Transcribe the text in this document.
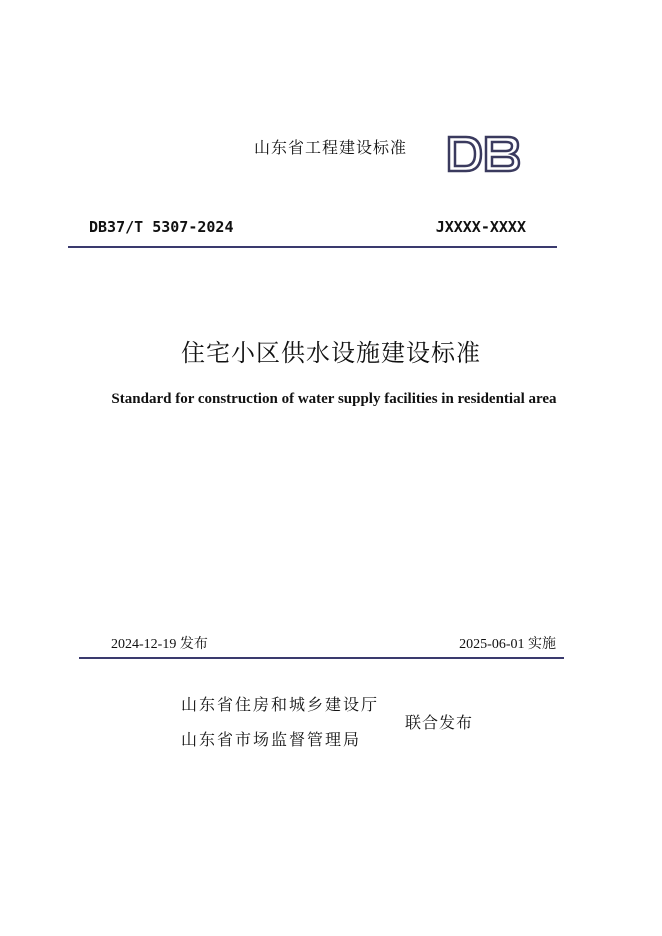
山东省工程建设标准
DB37/T 5307-2024	JXXXX-XXXX
住宅小区供水设施建设标准
Standard for construction of water supply facilities in residential area
2024-12-19 发布	2025-06-01 实施
山东省住房和城乡建设厅
山东省市场监督管理局
联合发布
